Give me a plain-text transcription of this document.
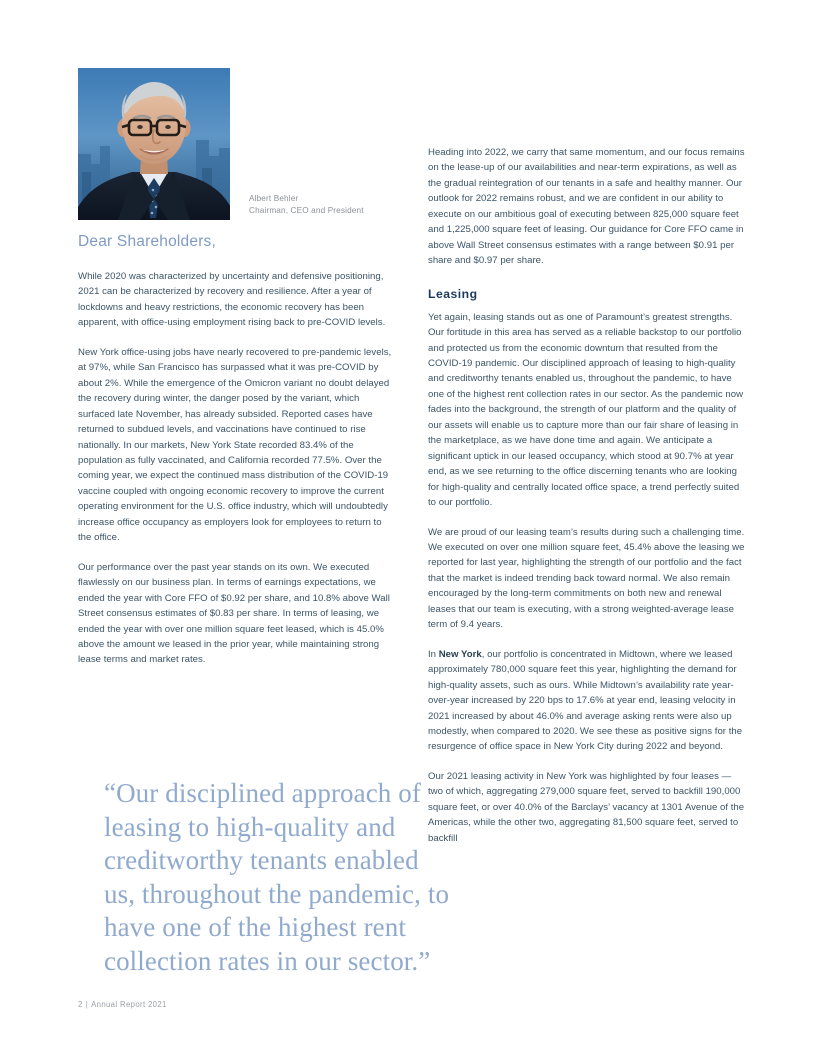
Albert Behler
Chairman, CEO and President
Dear Shareholders,

While 2020 was characterized by uncertainty and defensive positioning, 2021 can be characterized by recovery and resilience. After a year of lockdowns and heavy restrictions, the economic recovery has been apparent, with office-using employment rising back to pre-COVID levels.

New York office-using jobs have nearly recovered to pre-pandemic levels, at 97%, while San Francisco has surpassed what it was pre-COVID by about 2%. While the emergence of the Omicron variant no doubt delayed the recovery during winter, the danger posed by the variant, which surfaced late November, has already subsided. Reported cases have returned to subdued levels, and vaccinations have continued to rise nationally. In our markets, New York State recorded 83.4% of the population as fully vaccinated, and California recorded 77.5%. Over the coming year, we expect the continued mass distribution of the COVID-19 vaccine coupled with ongoing economic recovery to improve the current operating environment for the U.S. office industry, which will undoubtedly increase office occupancy as employers look for employees to return to the office.

Our performance over the past year stands on its own. We executed flawlessly on our business plan. In terms of earnings expectations, we ended the year with Core FFO of $0.92 per share, and 10.8% above Wall Street consensus estimates of $0.83 per share. In terms of leasing, we ended the year with over one million square feet leased, which is 45.0% above the amount we leased in the prior year, while maintaining strong lease terms and market rates.

“Our disciplined approach of leasing to high-quality and creditworthy tenants enabled us, throughout the pandemic, to have one of the highest rent collection rates in our sector.”

Heading into 2022, we carry that same momentum, and our focus remains on the lease-up of our availabilities and near-term expirations, as well as the gradual reintegration of our tenants in a safe and healthy manner. Our outlook for 2022 remains robust, and we are confident in our ability to execute on our ambitious goal of executing between 825,000 square feet and 1,225,000 square feet of leasing. Our guidance for Core FFO came in above Wall Street consensus estimates with a range between $0.91 per share and $0.97 per share.

Leasing

Yet again, leasing stands out as one of Paramount’s greatest strengths. Our fortitude in this area has served as a reliable backstop to our portfolio and protected us from the economic downturn that resulted from the COVID-19 pandemic. Our disciplined approach of leasing to high-quality and creditworthy tenants enabled us, throughout the pandemic, to have one of the highest rent collection rates in our sector. As the pandemic now fades into the background, the strength of our platform and the quality of our assets will enable us to capture more than our fair share of leasing in the marketplace, as we have done time and again. We anticipate a significant uptick in our leased occupancy, which stood at 90.7% at year end, as we see returning to the office discerning tenants who are looking for high-quality and centrally located office space, a trend perfectly suited to our portfolio.

We are proud of our leasing team’s results during such a challenging time. We executed on over one million square feet, 45.4% above the leasing we reported for last year, highlighting the strength of our portfolio and the fact that the market is indeed trending back toward normal. We also remain encouraged by the long-term commitments on both new and renewal leases that our team is executing, with a strong weighted-average lease term of 9.4 years.

In New York, our portfolio is concentrated in Midtown, where we leased approximately 780,000 square feet this year, highlighting the demand for high-quality assets, such as ours. While Midtown’s availability rate year-over-year increased by 220 bps to 17.6% at year end, leasing velocity in 2021 increased by about 46.0% and average asking rents were also up modestly, when compared to 2020. We see these as positive signs for the resurgence of office space in New York City during 2022 and beyond.

Our 2021 leasing activity in New York was highlighted by four leases — two of which, aggregating 279,000 square feet, served to backfill 190,000 square feet, or over 40.0% of the Barclays’ vacancy at 1301 Avenue of the Americas, while the other two, aggregating 81,500 square feet, served to backfill

2 | Annual Report 2021
